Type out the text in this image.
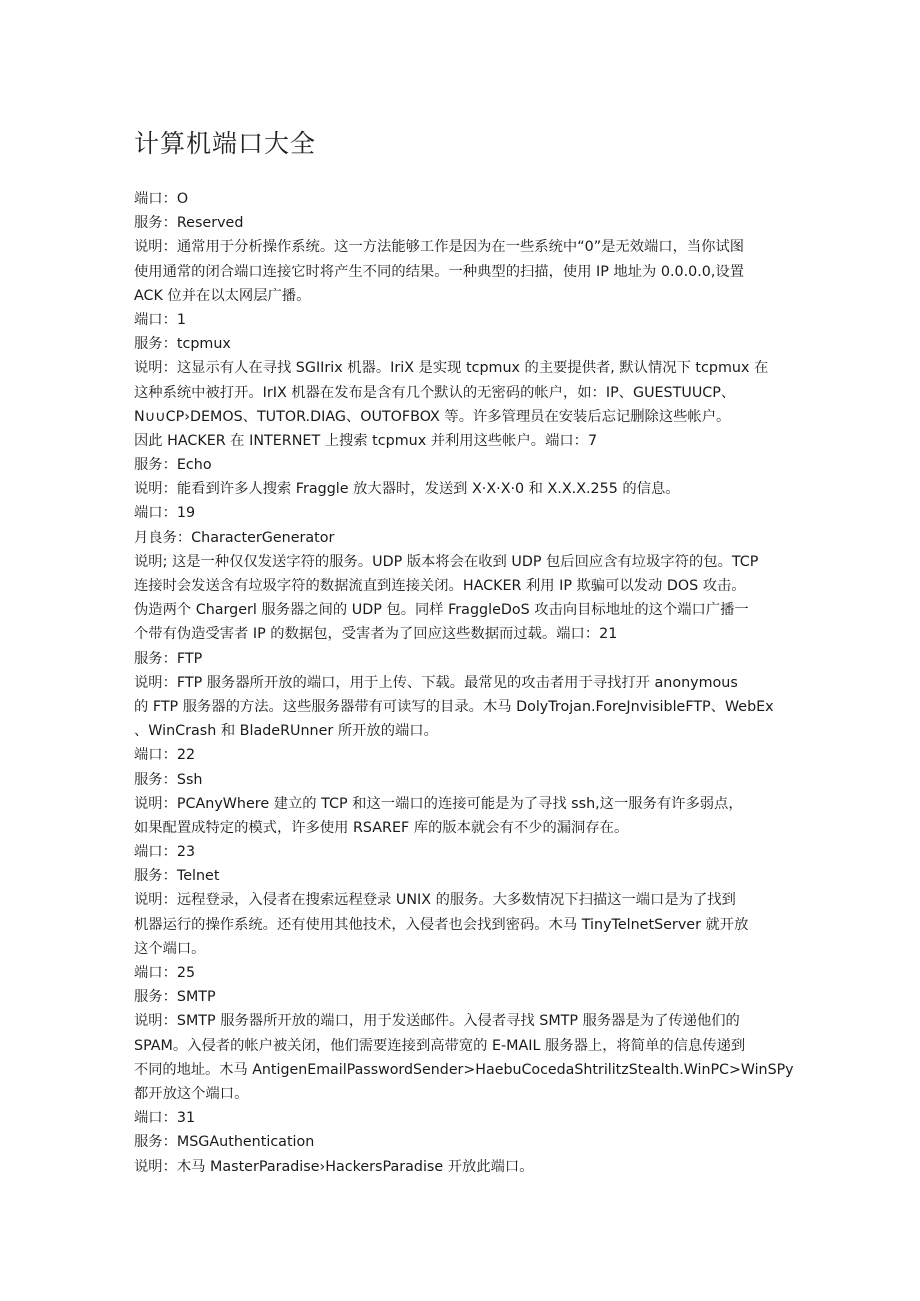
计算机端口大全
端口：O
服务：Reserved
说明：通常用于分析操作系统。这一方法能够工作是因为在一些系统中“0”是无效端口，当你试图
使用通常的闭合端口连接它时将产生不同的结果。一种典型的扫描，使用 IP 地址为 0.0.0.0,设置
ACK 位并在以太网层广播。
端口：1
服务：tcpmux
说明：这显示有人在寻找 SGIIrix 机器。IriX 是实现 tcpmux 的主要提供者, 默认情况下 tcpmux 在
这种系统中被打开。IrIX 机器在发布是含有几个默认的无密码的帐户，如：IP、GUESTUUCP、
N∪∪CP›DEMOS、TUTOR.DIAG、OUTOFBOX 等。许多管理员在安装后忘记删除这些帐户。
因此 HACKER 在 INTERNET 上搜索 tcpmux 并利用这些帐户。端口：7
服务：Echo
说明：能看到许多人搜索 Fraggle 放大器时，发送到 X·X·X·0 和 X.X.X.255 的信息。
端口：19
月良务：CharacterGenerator
说明; 这是一种仅仅发送字符的服务。UDP 版本将会在收到 UDP 包后回应含有垃圾字符的包。TCP
连接时会发送含有垃圾字符的数据流直到连接关闭。HACKER 利用 IP 欺骗可以发动 DOS 攻击。
伪造两个 Chargerl 服务器之间的 UDP 包。同样 FraggleDoS 攻击向目标地址的这个端口广播一
个带有伪造受害者 IP 的数据包，受害者为了回应这些数据而过载。端口：21
服务：FTP
说明：FTP 服务器所开放的端口，用于上传、下载。最常见的攻击者用于寻找打开 anonymous
的 FTP 服务器的方法。这些服务器带有可读写的目录。木马 DolyTrojan.ForeJnvisibleFTP、WebEx
、WinCrash 和 BladeRUnner 所开放的端口。
端口：22
服务：Ssh
说明：PCAnyWhere 建立的 TCP 和这一端口的连接可能是为了寻找 ssh,这一服务有许多弱点，
如果配置成特定的模式，许多使用 RSAREF 库的版本就会有不少的漏洞存在。
端口：23
服务：Telnet
说明：远程登录，入侵者在搜索远程登录 UNIX 的服务。大多数情况下扫描这一端口是为了找到
机器运行的操作系统。还有使用其他技术，入侵者也会找到密码。木马 TinyTelnetServer 就开放
这个端口。
端口：25
服务：SMTP
说明：SMTP 服务器所开放的端口，用于发送邮件。入侵者寻找 SMTP 服务器是为了传递他们的
SPAM。入侵者的帐户被关闭，他们需要连接到高带宽的 E-MAIL 服务器上，将简单的信息传递到
不同的地址。木马 AntigenEmailPasswordSender>HaebuCocedaShtrilitzStealth.WinPC>WinSPy
都开放这个端口。
端口：31
服务：MSGAuthentication
说明：木马 MasterParadise›HackersParadise 开放此端口。
